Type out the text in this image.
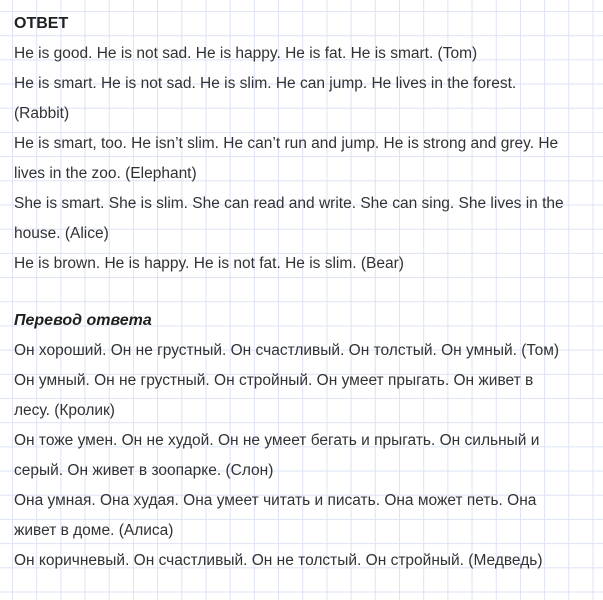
ОТВЕТ
He is good. He is not sad. He is happy. He is fat. He is smart. (Tom)
He is smart. He is not sad. He is slim. He can jump. He lives in the forest.
(Rabbit)
He is smart, too. He isn’t slim. He can’t run and jump. He is strong and grey. He
lives in the zoo. (Elephant)
She is smart. She is slim. She can read and write. She can sing. She lives in the
house. (Alice)
He is brown. He is happy. He is not fat. He is slim. (Bear)
Перевод ответа
Он хороший. Он не грустный. Он счастливый. Он толстый. Он умный. (Том)
Он умный. Он не грустный. Он стройный. Он умеет прыгать. Он живет в
лесу. (Кролик)
Он тоже умен. Он не худой. Он не умеет бегать и прыгать. Он сильный и
серый. Он живет в зоопарке. (Слон)
Она умная. Она худая. Она умеет читать и писать. Она может петь. Она
живет в доме. (Алиса)
Он коричневый. Он счастливый. Он не толстый. Он стройный. (Медведь)
